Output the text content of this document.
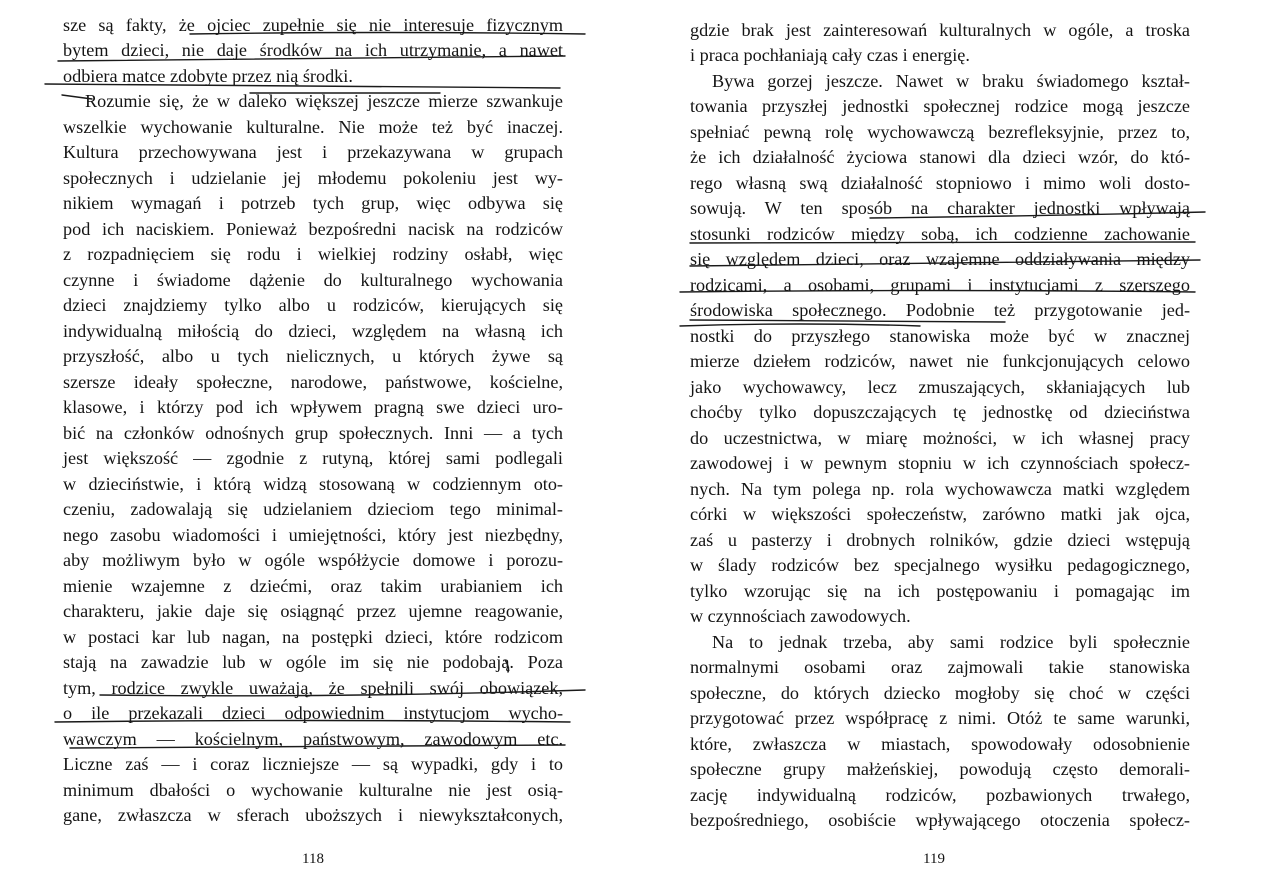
sze są fakty, że ojciec zupełnie się nie interesuje fizycznym
bytem dzieci, nie daje środków na ich utrzymanie, a nawet
odbiera matce zdobyte przez nią środki.
Rozumie się, że w daleko większej jeszcze mierze szwankuje
wszelkie wychowanie kulturalne. Nie może też być inaczej.
Kultura przechowywana jest i przekazywana w grupach
społecznych i udzielanie jej młodemu pokoleniu jest wy-
nikiem wymagań i potrzeb tych grup, więc odbywa się
pod ich naciskiem. Ponieważ bezpośredni nacisk na rodziców
z rozpadnięciem się rodu i wielkiej rodziny osłabł, więc
czynne i świadome dążenie do kulturalnego wychowania
dzieci znajdziemy tylko albo u rodziców, kierujących się
indywidualną miłością do dzieci, względem na własną ich
przyszłość, albo u tych nielicznych, u których żywe są
szersze ideały społeczne, narodowe, państwowe, kościelne,
klasowe, i którzy pod ich wpływem pragną swe dzieci uro-
bić na członków odnośnych grup społecznych. Inni — a tych
jest większość — zgodnie z rutyną, której sami podlegali
w dzieciństwie, i którą widzą stosowaną w codziennym oto-
czeniu, zadowalają się udzielaniem dzieciom tego minimal-
nego zasobu wiadomości i umiejętności, który jest niezbędny,
aby możliwym było w ogóle współżycie domowe i porozu-
mienie wzajemne z dziećmi, oraz takim urabianiem ich
charakteru, jakie daje się osiągnąć przez ujemne reagowanie,
w postaci kar lub nagan, na postępki dzieci, które rodzicom
stają na zawadzie lub w ogóle im się nie podobają. Poza
tym, rodzice zwykle uważają, że spełnili swój obowiązek,
o ile przekazali dzieci odpowiednim instytucjom wycho-
wawczym — kościelnym, państwowym, zawodowym etc.
Liczne zaś — i coraz liczniejsze — są wypadki, gdy i to
minimum dbałości o wychowanie kulturalne nie jest osią-
gane, zwłaszcza w sferach uboższych i niewykształconych,
118
gdzie brak jest zainteresowań kulturalnych w ogóle, a troska
i praca pochłaniają cały czas i energię.
Bywa gorzej jeszcze. Nawet w braku świadomego kształ-
towania przyszłej jednostki społecznej rodzice mogą jeszcze
spełniać pewną rolę wychowawczą bezrefleksyjnie, przez to,
że ich działalność życiowa stanowi dla dzieci wzór, do któ-
rego własną swą działalność stopniowo i mimo woli dosto-
sowują. W ten sposób na charakter jednostki wpływają
stosunki rodziców między sobą, ich codzienne zachowanie
się względem dzieci, oraz wzajemne oddziaływania między
rodzicami, a osobami, grupami i instytucjami z szerszego
środowiska społecznego. Podobnie też przygotowanie jed-
nostki do przyszłego stanowiska może być w znacznej
mierze dziełem rodziców, nawet nie funkcjonujących celowo
jako wychowawcy, lecz zmuszających, skłaniających lub
choćby tylko dopuszczających tę jednostkę od dzieciństwa
do uczestnictwa, w miarę możności, w ich własnej pracy
zawodowej i w pewnym stopniu w ich czynnościach społecz-
nych. Na tym polega np. rola wychowawcza matki względem
córki w większości społeczeństw, zarówno matki jak ojca,
zaś u pasterzy i drobnych rolników, gdzie dzieci wstępują
w ślady rodziców bez specjalnego wysiłku pedagogicznego,
tylko wzorując się na ich postępowaniu i pomagając im
w czynnościach zawodowych.
Na to jednak trzeba, aby sami rodzice byli społecznie
normalnymi osobami oraz zajmowali takie stanowiska
społeczne, do których dziecko mogłoby się choć w części
przygotować przez współpracę z nimi. Otóż te same warunki,
które, zwłaszcza w miastach, spowodowały odosobnienie
społeczne grupy małżeńskiej, powodują często demorali-
zację indywidualną rodziców, pozbawionych trwałego,
bezpośredniego, osobiście wpływającego otoczenia społecz-
119
